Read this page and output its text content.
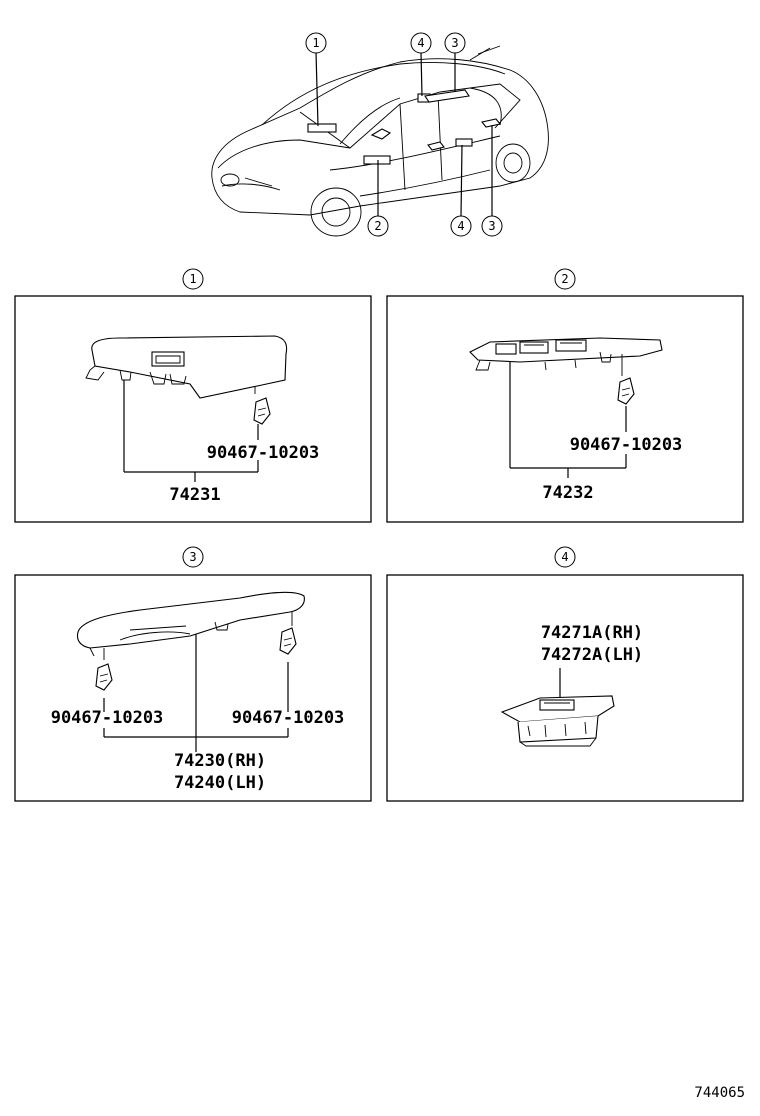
1	4 3
2	4 3
1
90467-10203
74231
2
90467-10203
74232
3
90467-10203	90467-10203
74230(RH)
74240(LH)
4
74271A(RH)
74272A(LH)
744065
